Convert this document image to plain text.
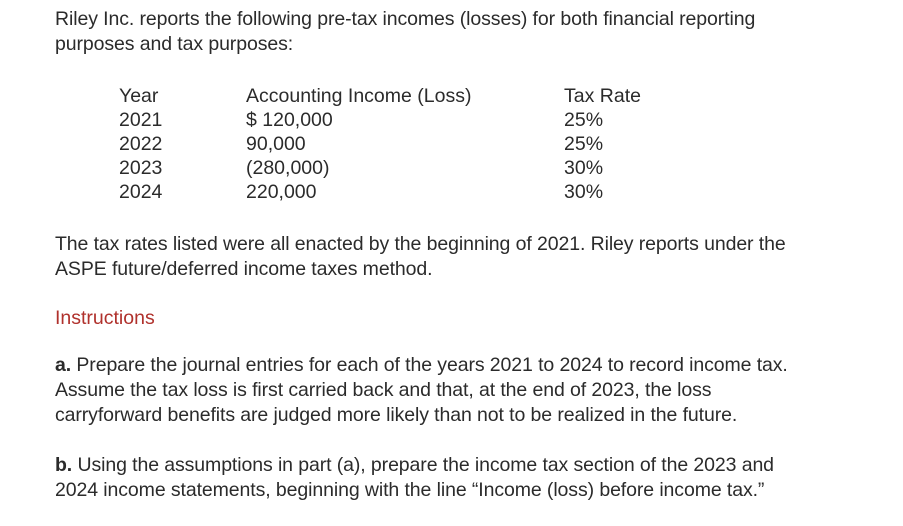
Riley Inc. reports the following pre-tax incomes (losses) for both financial reporting
purposes and tax purposes:
Year
2021
2022
2023
2024
Accounting Income (Loss)
$ 120,000
90,000
(280,000)
220,000
Tax Rate
25%
25%
30%
30%
The tax rates listed were all enacted by the beginning of 2021. Riley reports under the
ASPE future/deferred income taxes method.
Instructions
a. Prepare the journal entries for each of the years 2021 to 2024 to record income tax.
Assume the tax loss is first carried back and that, at the end of 2023, the loss
carryforward benefits are judged more likely than not to be realized in the future.
b. Using the assumptions in part (a), prepare the income tax section of the 2023 and
2024 income statements, beginning with the line “Income (loss) before income tax.”
